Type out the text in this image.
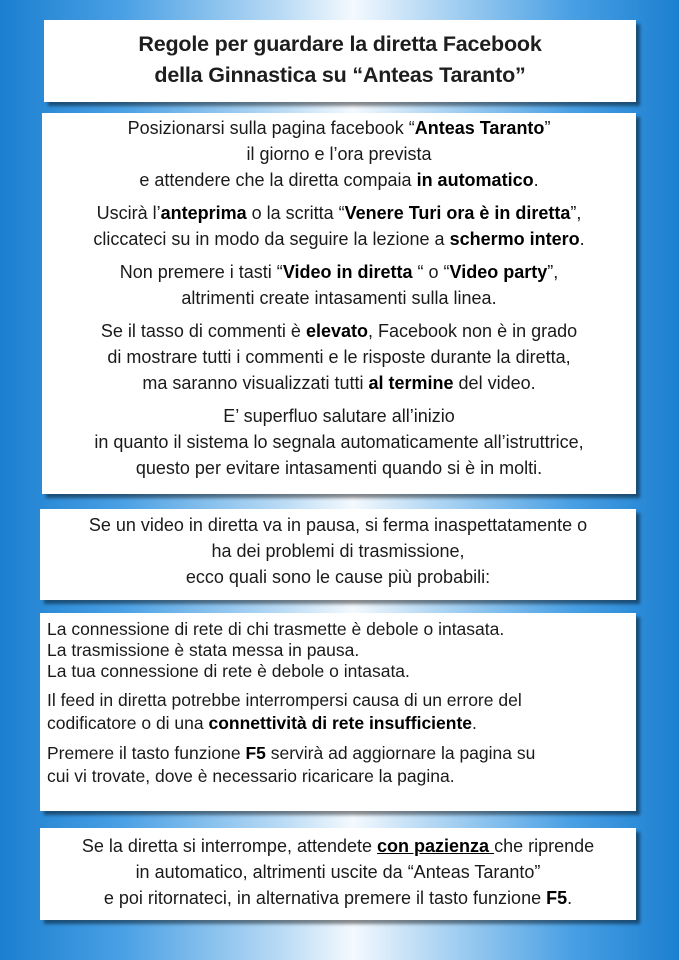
Regole per guardare la diretta Facebook
della Ginnastica su “Anteas Taranto”

Posizionarsi sulla pagina facebook “Anteas Taranto”
il giorno e l’ora prevista
e attendere che la diretta compaia in automatico.

Uscirà l’anteprima o la scritta “Venere Turi ora è in diretta”,
cliccateci su in modo da seguire la lezione a schermo intero.

Non premere i tasti “Video in diretta “ o “Video party”,
altrimenti create intasamenti sulla linea.

Se il tasso di commenti è elevato, Facebook non è in grado
di mostrare tutti i commenti e le risposte durante la diretta,
ma saranno visualizzati tutti al termine del video.

E’ superfluo salutare all’inizio
in quanto il sistema lo segnala automaticamente all’istruttrice,
questo per evitare intasamenti quando si è in molti.

Se un video in diretta va in pausa, si ferma inaspettatamente o
ha dei problemi di trasmissione,
ecco quali sono le cause più probabili:

La connessione di rete di chi trasmette è debole o intasata.
La trasmissione è stata messa in pausa.
La tua connessione di rete è debole o intasata.

Il feed in diretta potrebbe interrompersi causa di un errore del
codificatore o di una connettività di rete insufficiente.

Premere il tasto funzione F5 servirà ad aggiornare la pagina su
cui vi trovate, dove è necessario ricaricare la pagina.

Se la diretta si interrompe, attendete con pazienza che riprende
in automatico, altrimenti uscite da “Anteas Taranto”
e poi ritornateci, in alternativa premere il tasto funzione F5.
